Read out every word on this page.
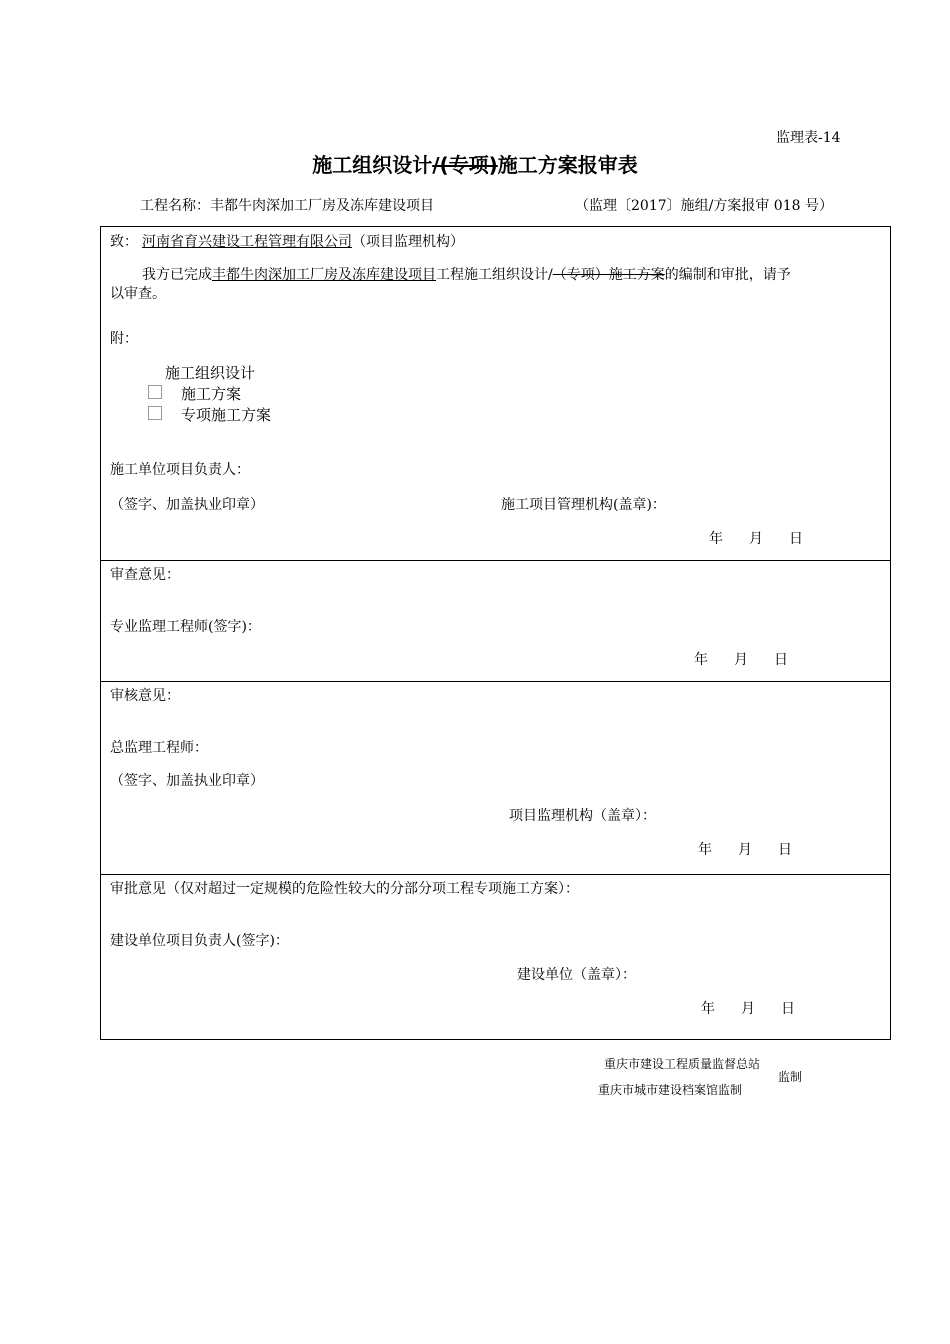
监理表-14
施工组织设计/(专项)施工方案报审表
工程名称：丰都牛肉深加工厂房及冻库建设项目	（监理〔2017〕施组/方案报审 018 号）
致： 河南省育兴建设工程管理有限公司（项目监理机构）
我方已完成丰都牛肉深加工厂房及冻库建设项目工程施工组织设计/（专项）施工方案的编制和审批，请予
以审查。
附：
施工组织设计
施工方案
专项施工方案
施工单位项目负责人：
（签字、加盖执业印章）	施工项目管理机构(盖章)：
年 月 日
审查意见：
专业监理工程师(签字)：
年 月 日
审核意见：
总监理工程师：
（签字、加盖执业印章）
项目监理机构（盖章）：
年 月 日
审批意见（仅对超过一定规模的危险性较大的分部分项工程专项施工方案）：
建设单位项目负责人(签字)：
建设单位（盖章）：
年 月 日
重庆市建设工程质量监督总站
监制
重庆市城市建设档案馆监制
